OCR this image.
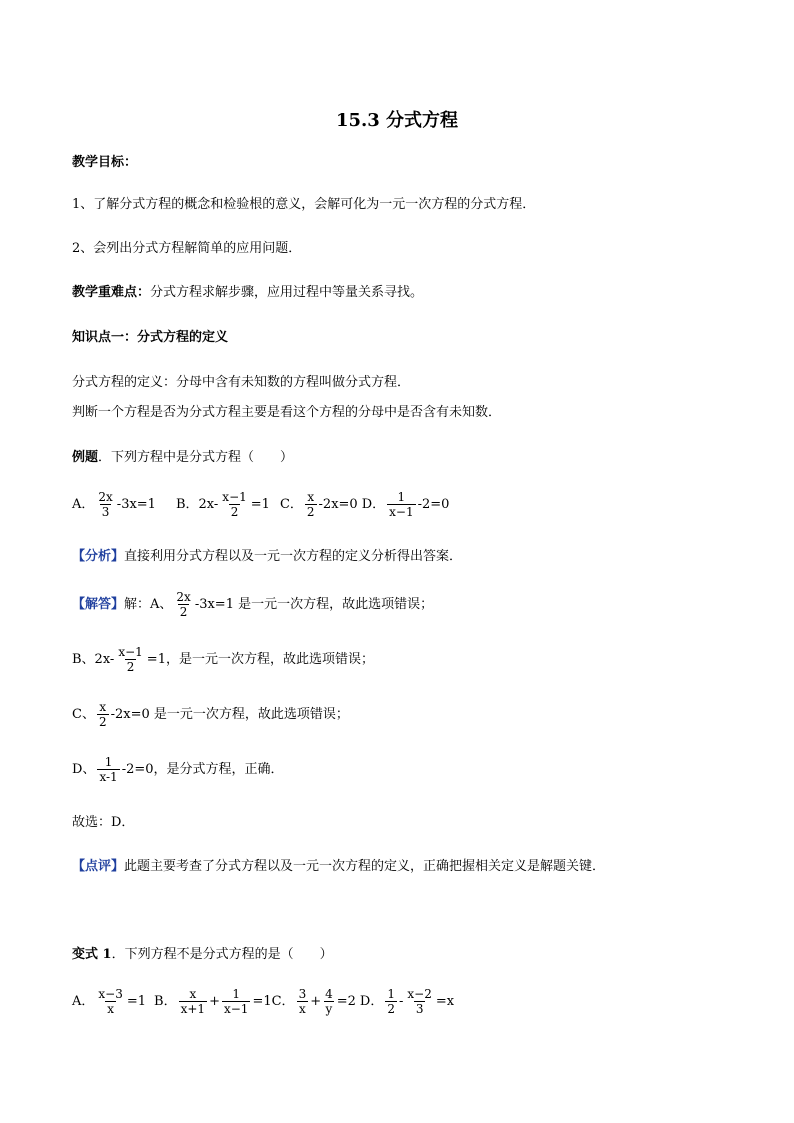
15.3 分式方程
教学目标：
1、了解分式方程的概念和检验根的意义，会解可化为一元一次方程的分式方程．
2、会列出分式方程解简单的应用问题．
教学重难点：分式方程求解步骤，应用过程中等量关系寻找。
知识点一：分式方程的定义
分式方程的定义：分母中含有未知数的方程叫做分式方程．
判断一个方程是否为分式方程主要是看这个方程的分母中是否含有未知数．
例题．下列方程中是分式方程（　　）
A． $\frac{2x}{3} -3x=1$ B．$2x- \frac{x-1}{2} =1$ C． $\frac{x}{2} -2x=0$ D． $\frac{1}{x-1} -2=0$
【分析】直接利用分式方程以及一元一次方程的定义分析得出答案．
【解答】 解：A、 $\frac{2x}{2} -3x=1$ 是一元一次方程，故此选项错误；
B、$2x- \frac{x-1}{2} =1$，是一元一次方程，故此选项错误；
C、 $\frac{x}{2} -2x=0$ 是一元一次方程，故此选项错误；
D、 $\frac{1}{x-1} -2=0$，是分式方程，正确．
故选：D．
【点评】此题主要考查了分式方程以及一元一次方程的定义，正确把握相关定义是解题关键．
变式 1．下列方程不是分式方程的是（　　）
A． $\frac{x-3}{x} =1$ B． $\frac{x}{x+1} + \frac{1}{x-1} =1$ C． $\frac{3}{x} + \frac{4}{y} =2$ D． $\frac{1}{2} - \frac{x-2}{3} =x$
